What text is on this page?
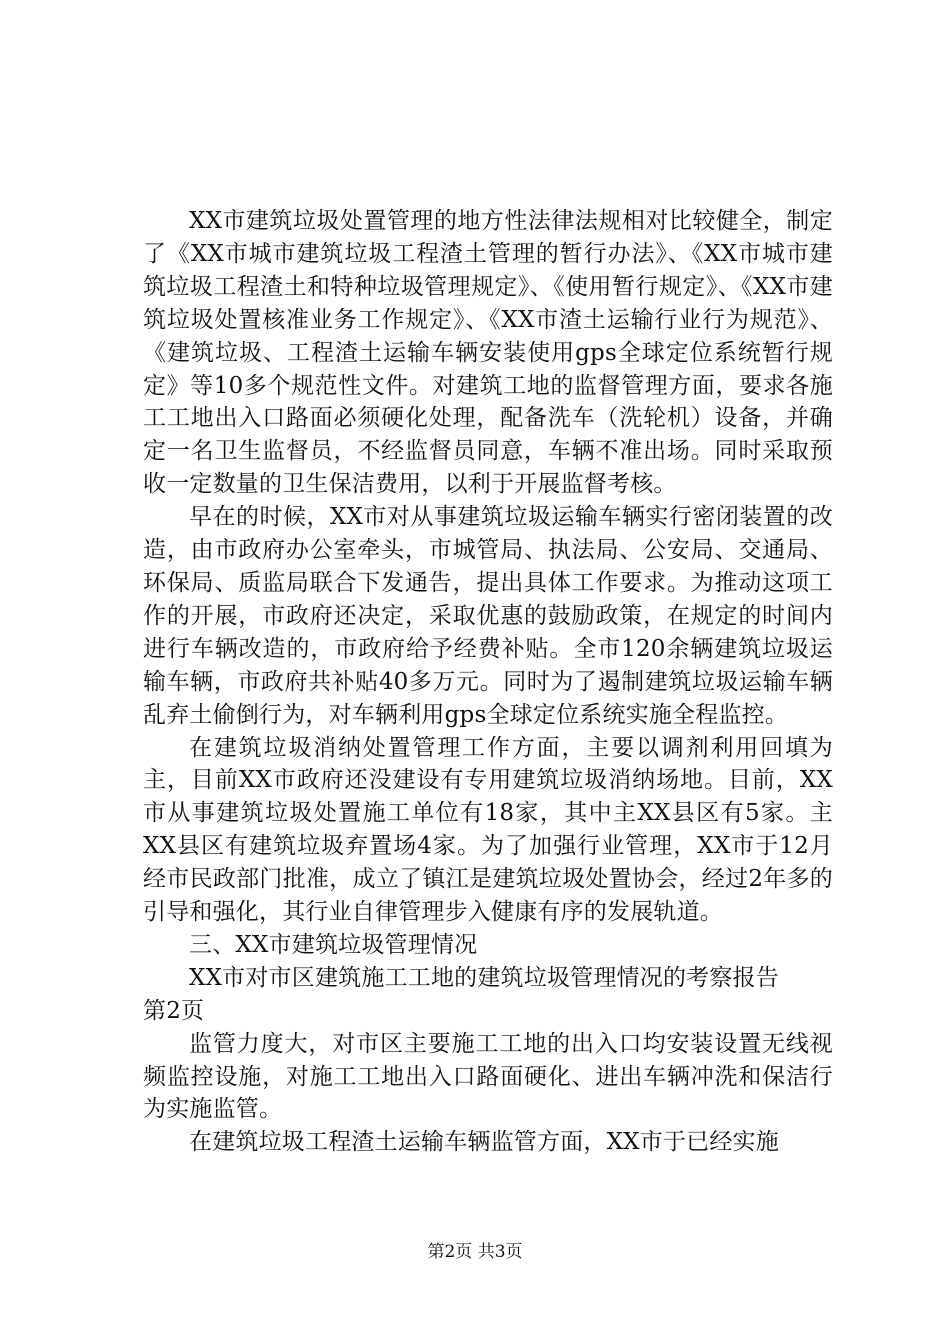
XX市建筑垃圾处置管理的地方性法律法规相对比较健全，制定了《XX市城市建筑垃圾工程渣土管理的暂行办法》、《XX市城市建筑垃圾工程渣土和特种垃圾管理规定》、《使用暂行规定》、《XX市建筑垃圾处置核准业务工作规定》、《XX市渣土运输行业行为规范》、《建筑垃圾、工程渣土运输车辆安装使用gps全球定位系统暂行规定》等10多个规范性文件。对建筑工地的监督管理方面，要求各施工工地出入口路面必须硬化处理，配备洗车（洗轮机）设备，并确定一名卫生监督员，不经监督员同意，车辆不准出场。同时采取预收一定数量的卫生保洁费用，以利于开展监督考核。

早在的时候，XX市对从事建筑垃圾运输车辆实行密闭装置的改造，由市政府办公室牵头，市城管局、执法局、公安局、交通局、环保局、质监局联合下发通告，提出具体工作要求。为推动这项工作的开展，市政府还决定，采取优惠的鼓励政策，在规定的时间内进行车辆改造的，市政府给予经费补贴。全市120余辆建筑垃圾运输车辆，市政府共补贴40多万元。同时为了遏制建筑垃圾运输车辆乱弃土偷倒行为，对车辆利用gps全球定位系统实施全程监控。

在建筑垃圾消纳处置管理工作方面，主要以调剂利用回填为主，目前XX市政府还没建设有专用建筑垃圾消纳场地。目前，XX市从事建筑垃圾处置施工单位有18家，其中主XX县区有5家。主XX县区有建筑垃圾弃置场4家。为了加强行业管理，XX市于12月经市民政部门批准，成立了镇江是建筑垃圾处置协会，经过2年多的引导和强化，其行业自律管理步入健康有序的发展轨道。

三、XX市建筑垃圾管理情况

XX市对市区建筑施工工地的建筑垃圾管理情况的考察报告

第2页

监管力度大，对市区主要施工工地的出入口均安装设置无线视频监控设施，对施工工地出入口路面硬化、进出车辆冲洗和保洁行为实施监管。

在建筑垃圾工程渣土运输车辆监管方面，XX市于已经实施

第2页 共3页
